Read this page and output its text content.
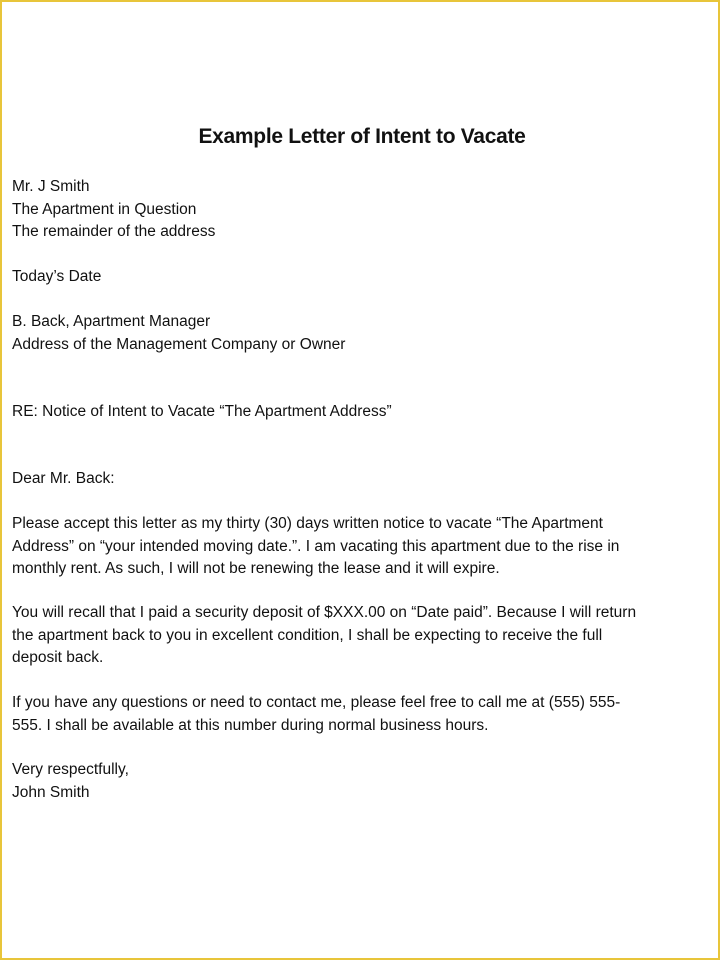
Example Letter of Intent to Vacate
Mr. J Smith
The Apartment in Question
The remainder of the address
Today’s Date
B. Back, Apartment Manager
Address of the Management Company or Owner
RE: Notice of Intent to Vacate “The Apartment Address”
Dear Mr. Back:
Please accept this letter as my thirty (30) days written notice to vacate “The Apartment
Address” on “your intended moving date.”. I am vacating this apartment due to the rise in
monthly rent. As such, I will not be renewing the lease and it will expire.
You will recall that I paid a security deposit of $XXX.00 on “Date paid”. Because I will return
the apartment back to you in excellent condition, I shall be expecting to receive the full
deposit back.
If you have any questions or need to contact me, please feel free to call me at (555) 555-
555. I shall be available at this number during normal business hours.
Very respectfully,
John Smith
